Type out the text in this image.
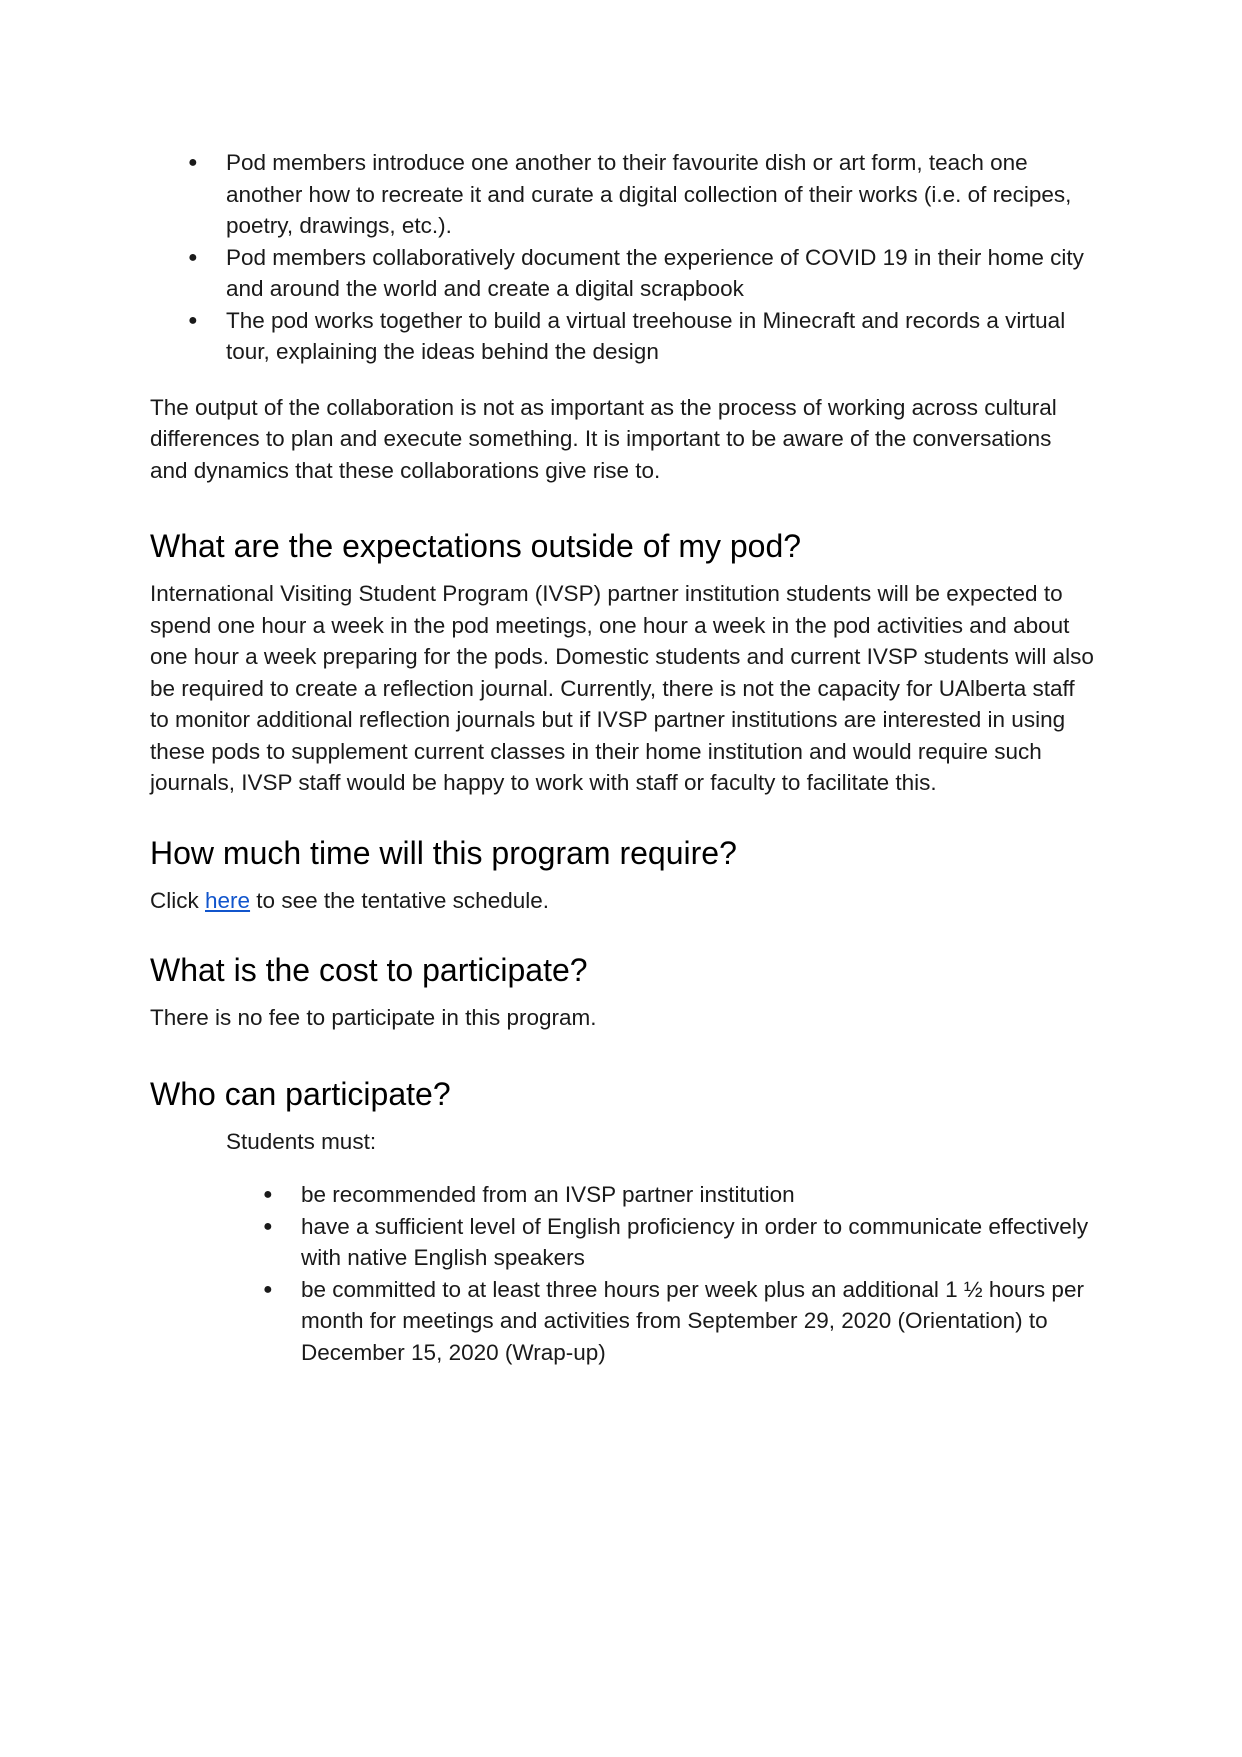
● Pod members introduce one another to their favourite dish or art form, teach one another how to recreate it and curate a digital collection of their works (i.e. of recipes, poetry, drawings, etc.).
● Pod members collaboratively document the experience of COVID 19 in their home city and around the world and create a digital scrapbook
● The pod works together to build a virtual treehouse in Minecraft and records a virtual tour, explaining the ideas behind the design

The output of the collaboration is not as important as the process of working across cultural differences to plan and execute something. It is important to be aware of the conversations and dynamics that these collaborations give rise to.

What are the expectations outside of my pod?

International Visiting Student Program (IVSP) partner institution students will be expected to spend one hour a week in the pod meetings, one hour a week in the pod activities and about one hour a week preparing for the pods. Domestic students and current IVSP students will also be required to create a reflection journal. Currently, there is not the capacity for UAlberta staff to monitor additional reflection journals but if IVSP partner institutions are interested in using these pods to supplement current classes in their home institution and would require such journals, IVSP staff would be happy to work with staff or faculty to facilitate this.

How much time will this program require?

Click here to see the tentative schedule.

What is the cost to participate?

There is no fee to participate in this program.

Who can participate?

Students must:

● be recommended from an IVSP partner institution
● have a sufficient level of English proficiency in order to communicate effectively with native English speakers
● be committed to at least three hours per week plus an additional 1 ½ hours per month for meetings and activities from September 29, 2020 (Orientation) to December 15, 2020 (Wrap-up)
